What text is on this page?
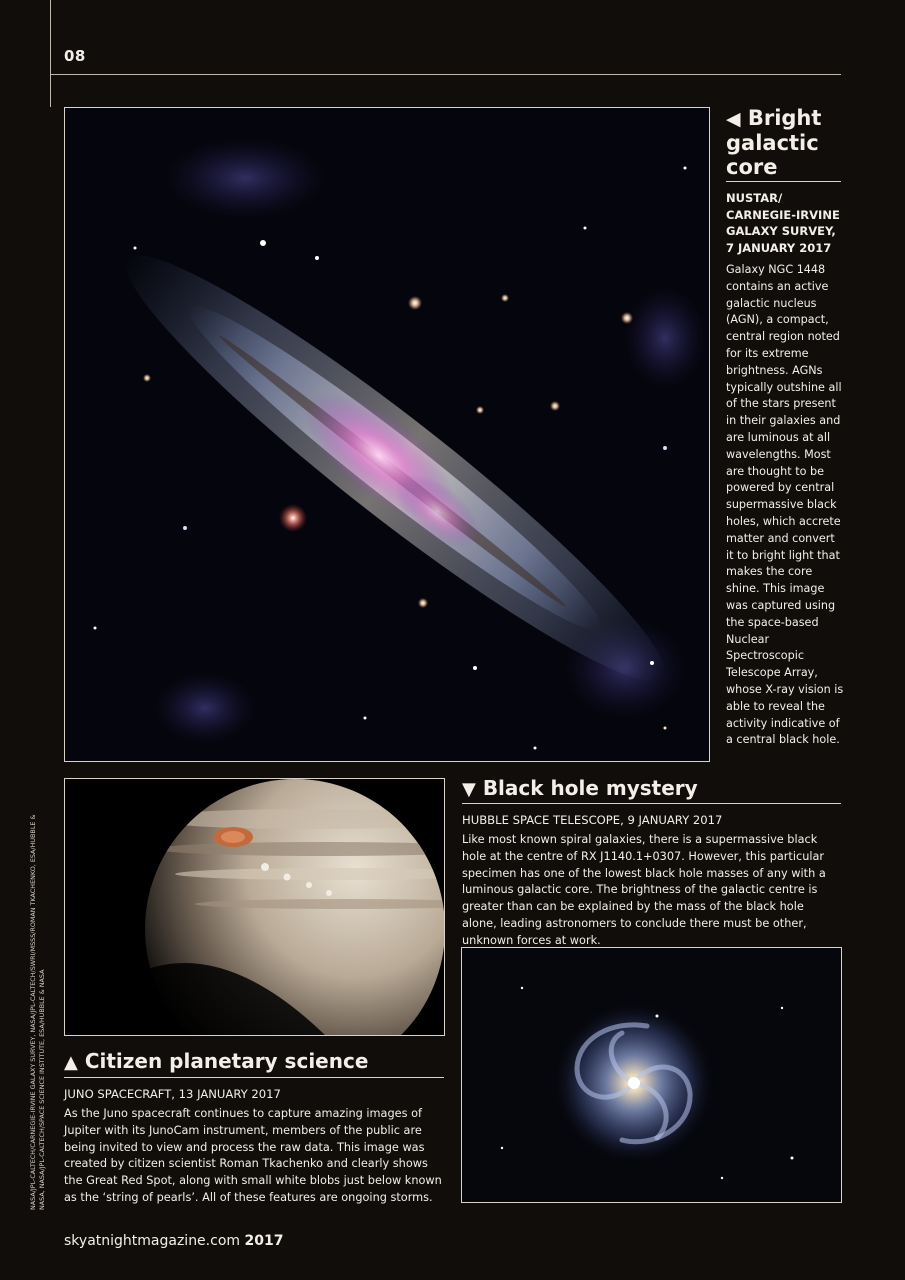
08
◀ Bright galactic core
NUSTAR/ CARNEGIE-IRVINE GALAXY SURVEY, 7 JANUARY 2017
Galaxy NGC 1448 contains an active galactic nucleus (AGN), a compact, central region noted for its extreme brightness. AGNs typically outshine all of the stars present in their galaxies and are luminous at all wavelengths. Most are thought to be powered by central supermassive black holes, which accrete matter and convert it to bright light that makes the core shine. This image was captured using the space-based Nuclear Spectroscopic Telescope Array, whose X-ray vision is able to reveal the activity indicative of a central black hole.
▲ Citizen planetary science
JUNO SPACECRAFT, 13 JANUARY 2017
As the Juno spacecraft continues to capture amazing images of Jupiter with its JunoCam instrument, members of the public are being invited to view and process the raw data. This image was created by citizen scientist Roman Tkachenko and clearly shows the Great Red Spot, along with small white blobs just below known as the ‘string of pearls’. All of these features are ongoing storms.
▼ Black hole mystery
HUBBLE SPACE TELESCOPE, 9 JANUARY 2017
Like most known spiral galaxies, there is a supermassive black hole at the centre of RX J1140.1+0307. However, this particular specimen has one of the lowest black hole masses of any with a luminous galactic core. The brightness of the galactic centre is greater than can be explained by the mass of the black hole alone, leading astronomers to conclude there must be other, unknown forces at work.
NASA/JPL-CALTECH/CARNEGIE-IRVINE GALAXY SURVEY, NASA/JPL-CALTECH/SWRI/MSSS/ROMAN TKACHENKO, ESA/HUBBLE & NASA, NASA/JPL-CALTECH/SPACE SCIENCE INSTITUTE, ESA/HUBBLE & NASA
skyatnightmagazine.com 2017
